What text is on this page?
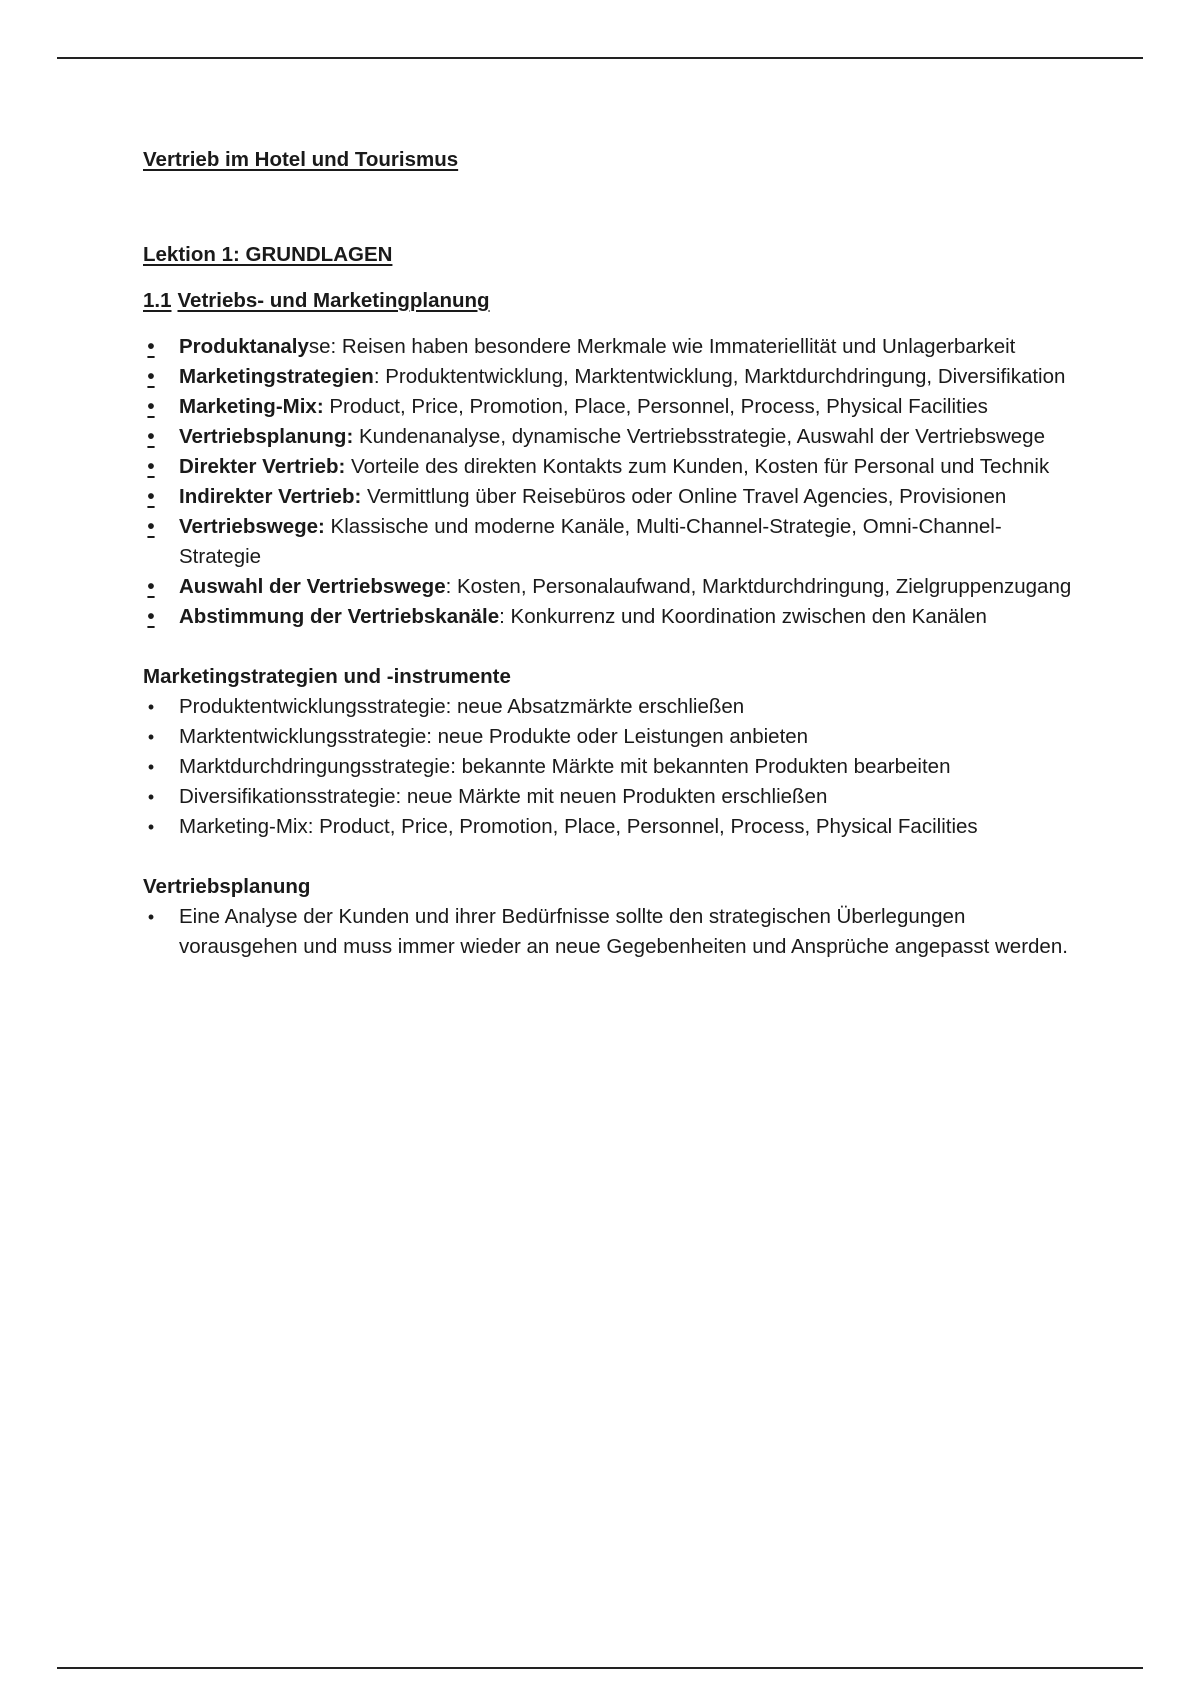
Vertrieb im Hotel und Tourismus
Lektion 1: GRUNDLAGEN
1.1 Vetriebs- und Marketingplanung
• Produktanalyse: Reisen haben besondere Merkmale wie Immateriellität und Unlagerbarkeit
• Marketingstrategien: Produktentwicklung, Marktentwicklung, Marktdurchdringung, Diversifikation
• Marketing-Mix: Product, Price, Promotion, Place, Personnel, Process, Physical Facilities
• Vertriebsplanung: Kundenanalyse, dynamische Vertriebsstrategie, Auswahl der Vertriebswege
• Direkter Vertrieb: Vorteile des direkten Kontakts zum Kunden, Kosten für Personal und Technik
• Indirekter Vertrieb: Vermittlung über Reisebüros oder Online Travel Agencies, Provisionen
• Vertriebswege: Klassische und moderne Kanäle, Multi-Channel-Strategie, Omni-Channel-Strategie
• Auswahl der Vertriebswege: Kosten, Personalaufwand, Marktdurchdringung, Zielgruppenzugang
• Abstimmung der Vertriebskanäle: Konkurrenz und Koordination zwischen den Kanälen
Marketingstrategien und -instrumente
• Produktentwicklungsstrategie: neue Absatzmärkte erschließen
• Marktentwicklungsstrategie: neue Produkte oder Leistungen anbieten
• Marktdurchdringungsstrategie: bekannte Märkte mit bekannten Produkten bearbeiten
• Diversifikationsstrategie: neue Märkte mit neuen Produkten erschließen
• Marketing-Mix: Product, Price, Promotion, Place, Personnel, Process, Physical Facilities
Vertriebsplanung
• Eine Analyse der Kunden und ihrer Bedürfnisse sollte den strategischen Überlegungen vorausgehen und muss immer wieder an neue Gegebenheiten und Ansprüche angepasst werden.
